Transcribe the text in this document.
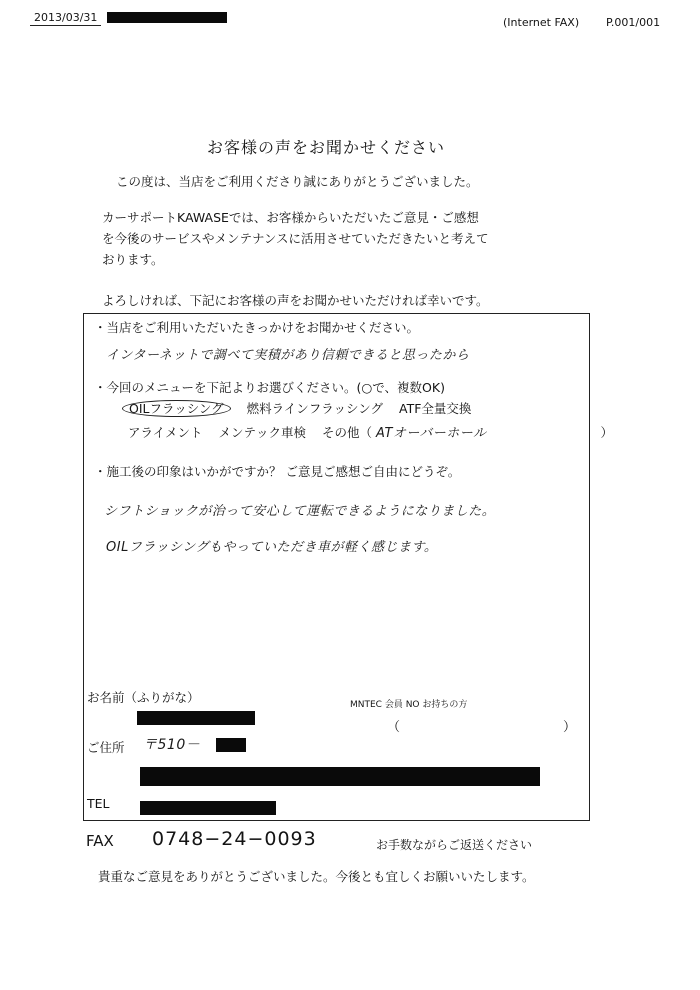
2013/03/31	(Internet FAX) P.001/001
お客様の声をお聞かせください
この度は、当店をご利用くださり誠にありがとうございました。
カーサポートKAWASEでは、お客様からいただいたご意見・ご感想
を今後のサービスやメンテナンスに活用させていただきたいと考えて
おります。
よろしければ、下記にお客様の声をお聞かせいただければ幸いです。
・当店をご利用いただいたきっかけをお聞かせください。
インターネットで調べて実積があり信頼できると思ったから
・今回のメニューを下記よりお選びください。(○で、複数OK)
OILフラッシング 燃料ラインフラッシング ATF全量交換
アライメント メンテック車検 その他（ ATオーバーホール	）
・施工後の印象はいかがですか？ ご意見ご感想ご自由にどうぞ。
シフトショックが治って安心して運転できるようになりました。
OILフラッシングもやっていただき車が軽く感じます。
お名前（ふりがな）	MNTEC 会員 NO お持ちの方
（	）
ご住所 〒510－
TEL
FAX 0748−24−0093	お手数ながらご返送ください
貴重なご意見をありがとうございました。今後とも宜しくお願いいたします。
